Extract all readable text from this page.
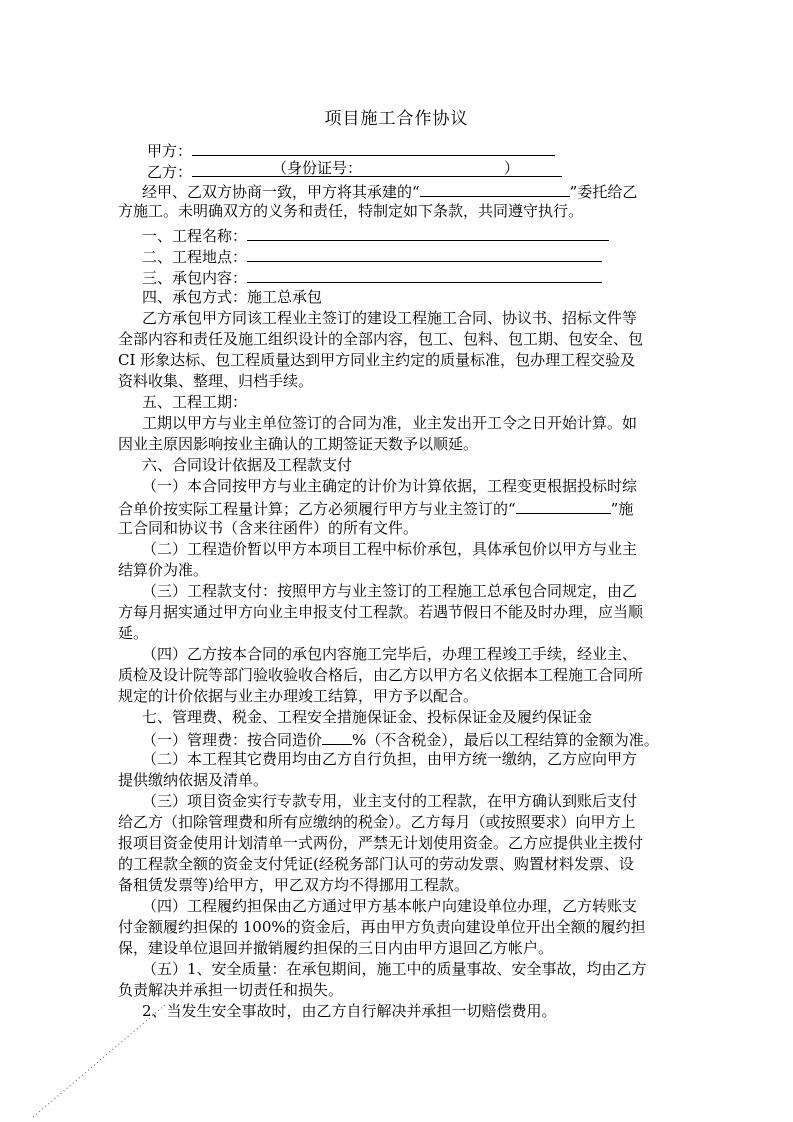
项目施工合作协议
甲方：
乙方：	（身份证号：	）
经甲、乙双方协商一致，甲方将其承建的“	”委托给乙
方施工。未明确双方的义务和责任，特制定如下条款，共同遵守执行。
一、工程名称：
二、工程地点：
三、承包内容：
四、承包方式：施工总承包
乙方承包甲方同该工程业主签订的建设工程施工合同、协议书、招标文件等
全部内容和责任及施工组织设计的全部内容，包工、包料、包工期、包安全、包
CI 形象达标、包工程质量达到甲方同业主约定的质量标准，包办理工程交验及
资料收集、整理、归档手续。
五、工程工期：
工期以甲方与业主单位签订的合同为准，业主发出开工令之日开始计算。如
因业主原因影响按业主确认的工期签证天数予以顺延。
六、合同设计依据及工程款支付
（一）本合同按甲方与业主确定的计价为计算依据，工程变更根据投标时综
合单价按实际工程量计算；乙方必须履行甲方与业主签订的“	”施
工合同和协议书（含来往函件）的所有文件。
（二）工程造价暂以甲方本项目工程中标价承包，具体承包价以甲方与业主
结算价为准。
（三）工程款支付：按照甲方与业主签订的工程施工总承包合同规定，由乙
方每月据实通过甲方向业主申报支付工程款。若遇节假日不能及时办理，应当顺
延。
（四）乙方按本合同的承包内容施工完毕后，办理工程竣工手续，经业主、
质检及设计院等部门验收验收合格后，由乙方以甲方名义依据本工程施工合同所
规定的计价依据与业主办理竣工结算，甲方予以配合。
七、管理费、税金、工程安全措施保证金、投标保证金及履约保证金
（一）管理费：按合同造价 %（不含税金），最后以工程结算的金额为准。
（二）本工程其它费用均由乙方自行负担，由甲方统一缴纳，乙方应向甲方
提供缴纳依据及清单。
（三）项目资金实行专款专用，业主支付的工程款，在甲方确认到账后支付
给乙方（扣除管理费和所有应缴纳的税金）。乙方每月（或按照要求）向甲方上
报项目资金使用计划清单一式两份，严禁无计划使用资金。乙方应提供业主拨付
的工程款全额的资金支付凭证(经税务部门认可的劳动发票、购置材料发票、设
备租赁发票等)给甲方，甲乙双方均不得挪用工程款。
（四）工程履约担保由乙方通过甲方基本帐户向建设单位办理，乙方转账支
付金额履约担保的 100%的资金后，再由甲方负责向建设单位开出全额的履约担
保，建设单位退回并撤销履约担保的三日内由甲方退回乙方帐户。
（五）1、安全质量：在承包期间，施工中的质量事故、安全事故，均由乙方
负责解决并承担一切责任和损失。
2、当发生安全事故时，由乙方自行解决并承担一切赔偿费用。
